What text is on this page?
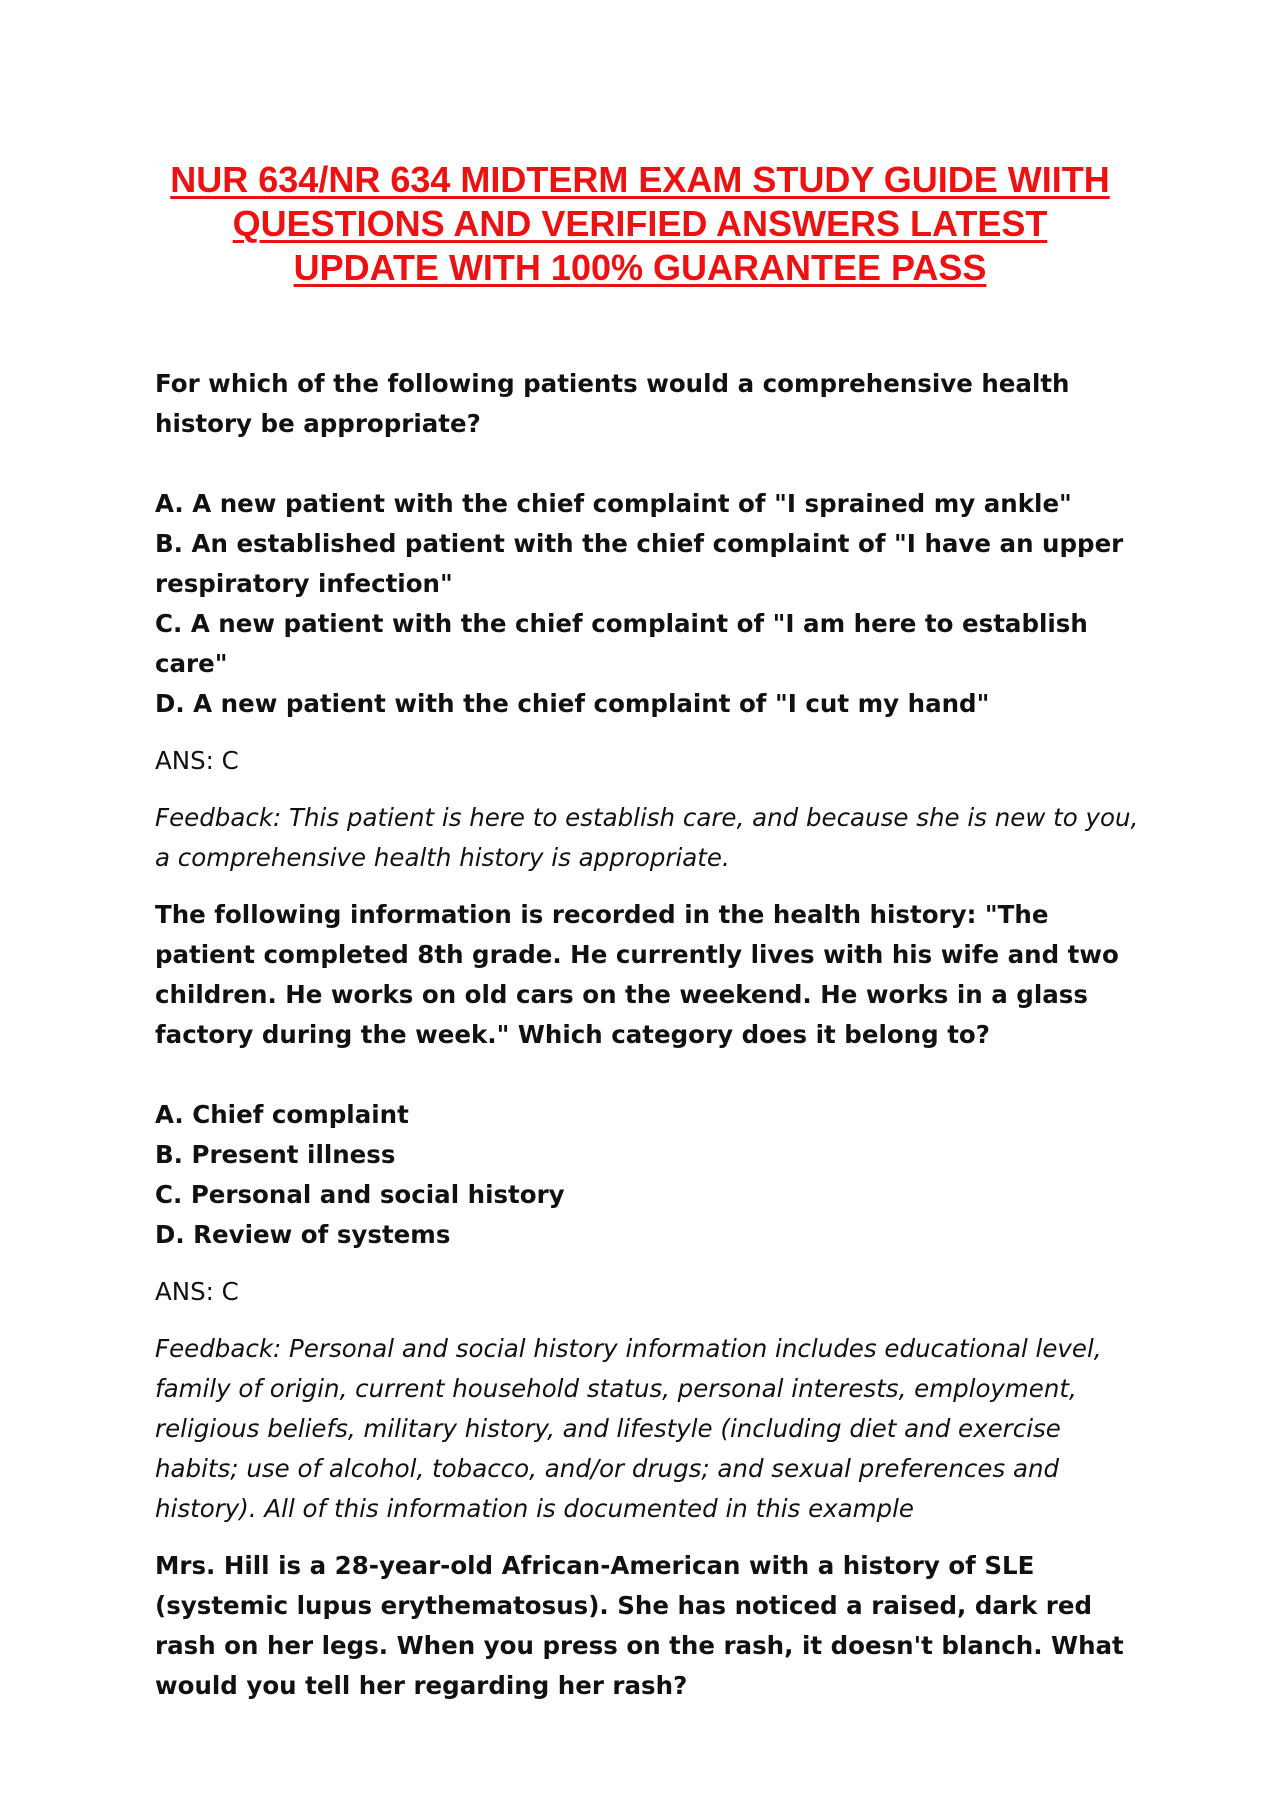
NUR 634/NR 634 MIDTERM EXAM STUDY GUIDE WIITH
QUESTIONS AND VERIFIED ANSWERS LATEST
UPDATE WITH 100% GUARANTEE PASS

For which of the following patients would a comprehensive health history be appropriate?

A. A new patient with the chief complaint of "I sprained my ankle"
B. An established patient with the chief complaint of "I have an upper respiratory infection"
C. A new patient with the chief complaint of "I am here to establish care"
D. A new patient with the chief complaint of "I cut my hand"

ANS: C

Feedback: This patient is here to establish care, and because she is new to you, a comprehensive health history is appropriate.

The following information is recorded in the health history: "The patient completed 8th grade. He currently lives with his wife and two children. He works on old cars on the weekend. He works in a glass factory during the week." Which category does it belong to?

A. Chief complaint
B. Present illness
C. Personal and social history
D. Review of systems

ANS: C

Feedback: Personal and social history information includes educational level, family of origin, current household status, personal interests, employment, religious beliefs, military history, and lifestyle (including diet and exercise habits; use of alcohol, tobacco, and/or drugs; and sexual preferences and history). All of this information is documented in this example

Mrs. Hill is a 28-year-old African-American with a history of SLE (systemic lupus erythematosus). She has noticed a raised, dark red rash on her legs. When you press on the rash, it doesn't blanch. What would you tell her regarding her rash?
